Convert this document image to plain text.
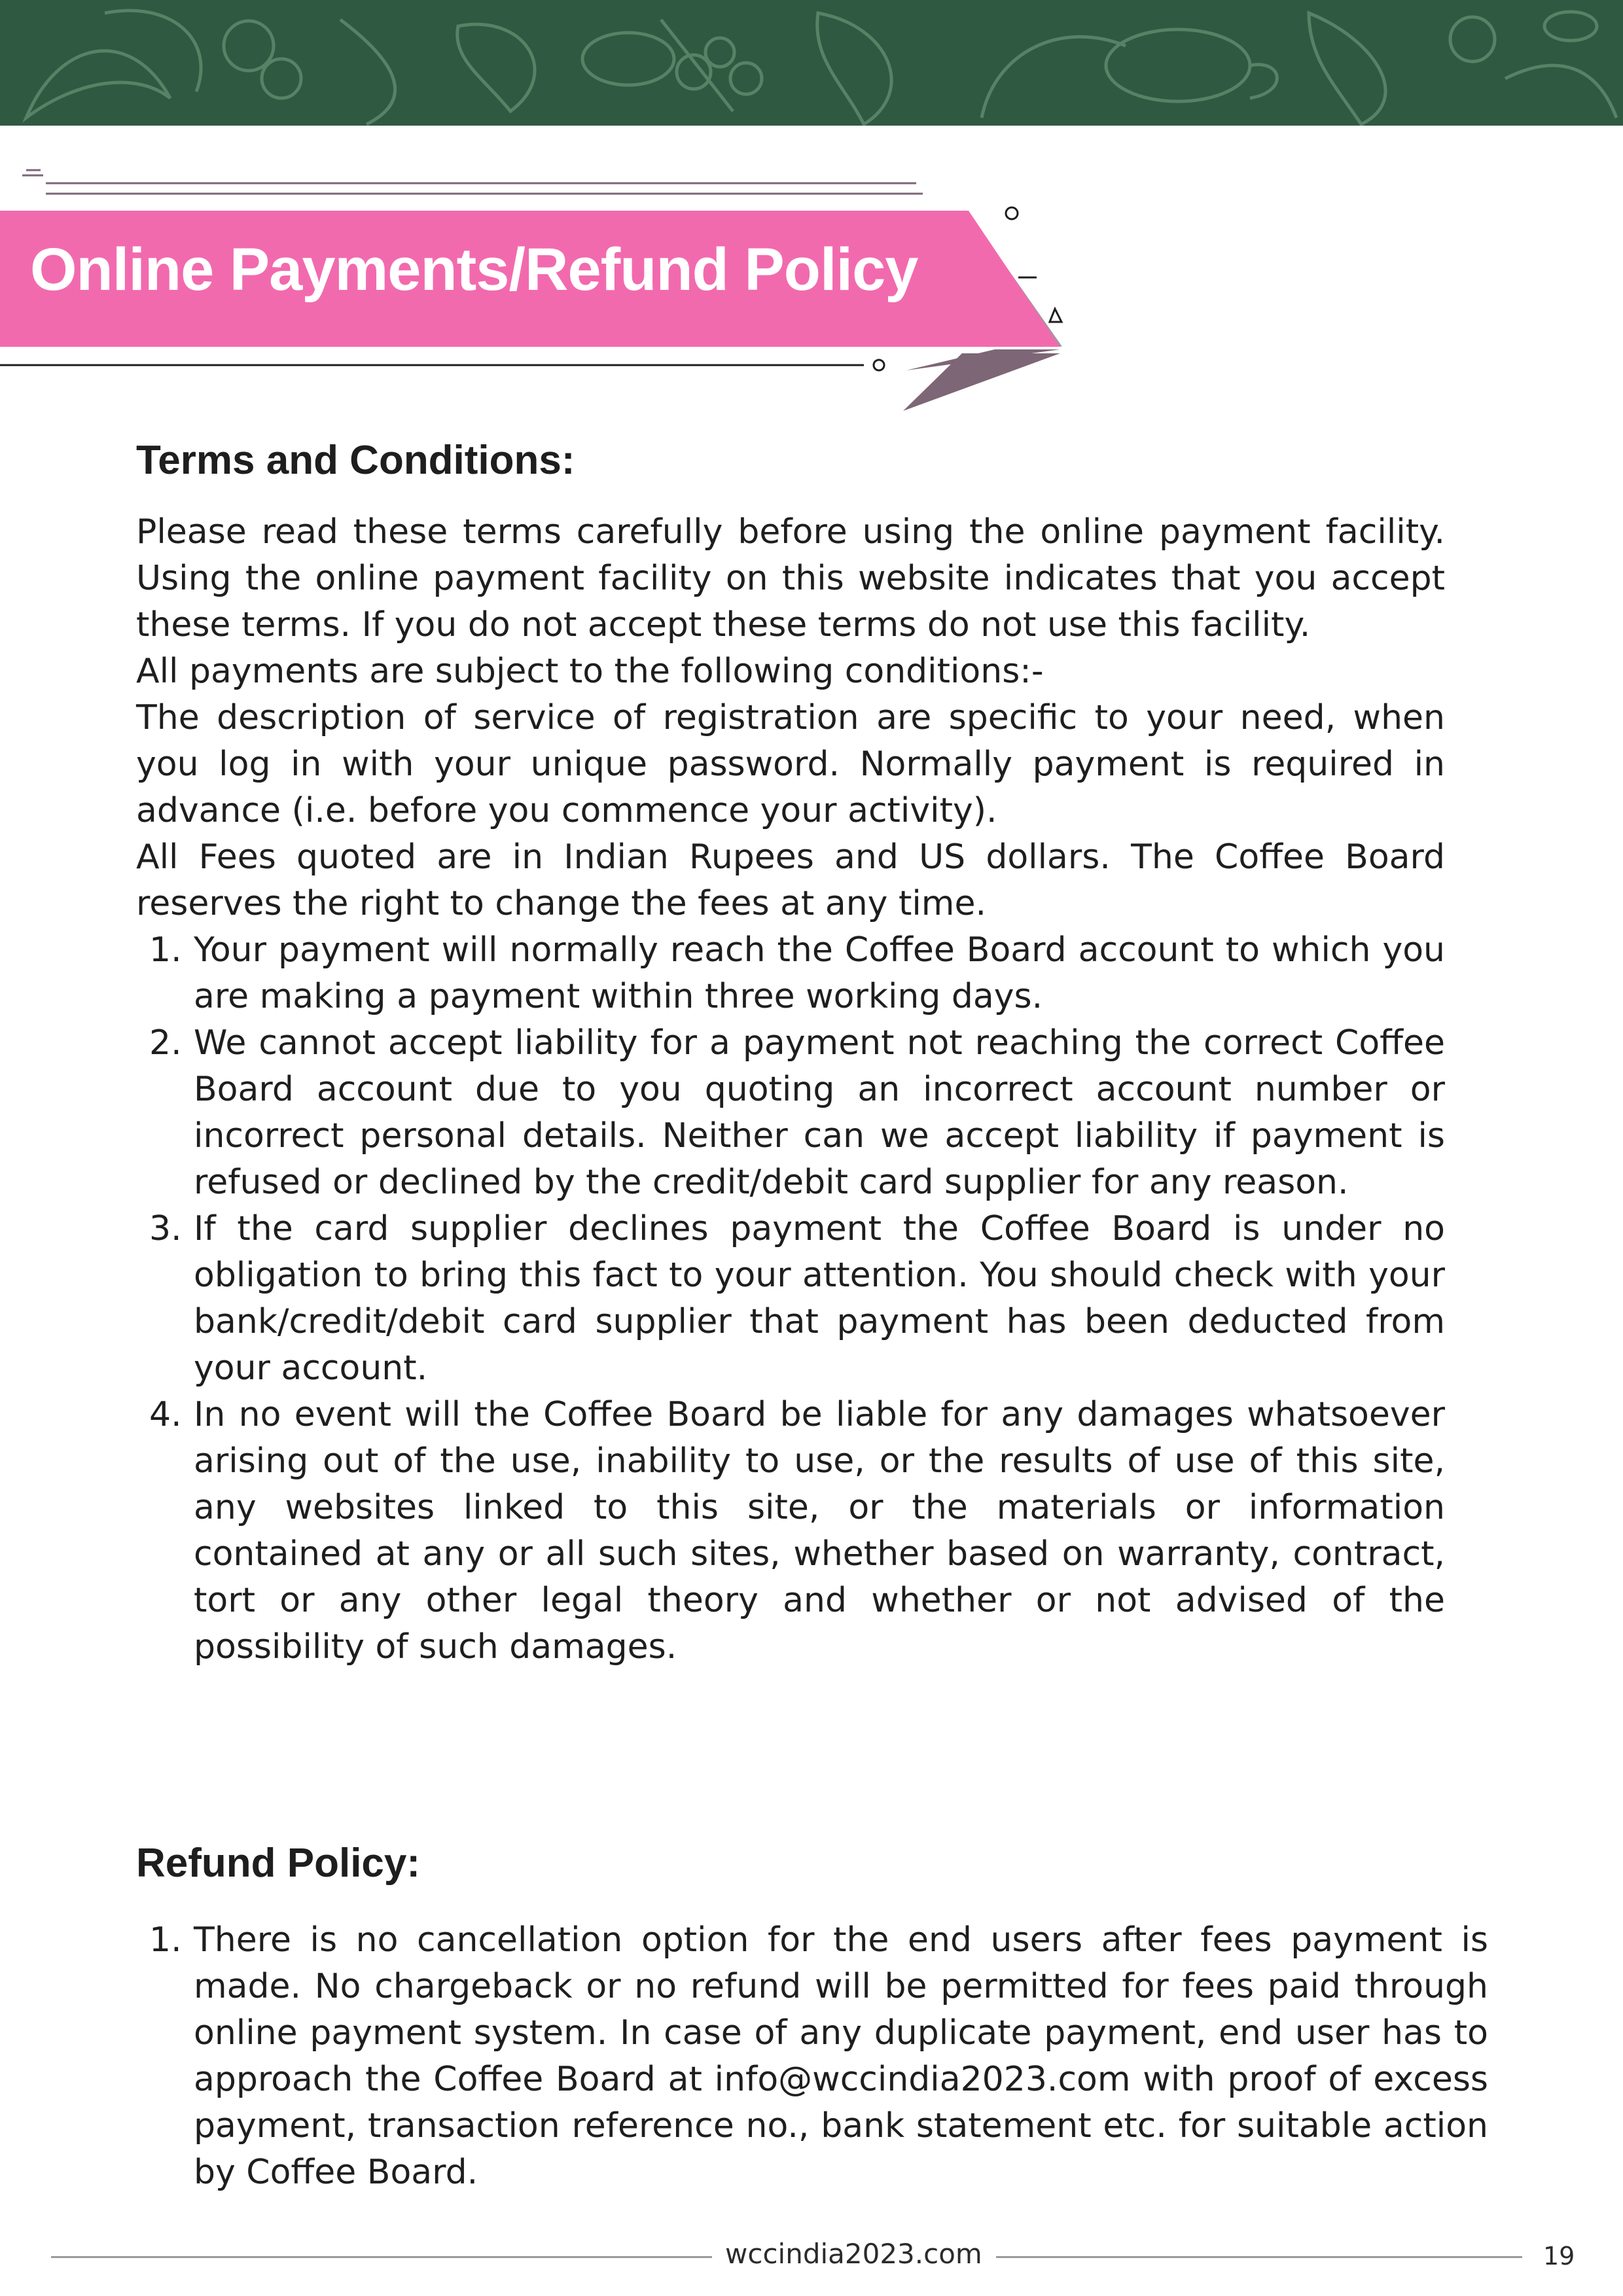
Online Payments/Refund Policy
Terms and Conditions:

Please read these terms carefully before using the online payment facility. Using the online payment facility on this website indicates that you accept these terms. If you do not accept these terms do not use this facility.

All payments are subject to the following conditions:-

The description of service of registration are specific to your need, when you log in with your unique password. Normally payment is required in advance (i.e. before you commence your activity).

All Fees quoted are in Indian Rupees and US dollars. The Coffee Board reserves the right to change the fees at any time.

1. Your payment will normally reach the Coffee Board account to which you are making a payment within three working days.
2. We cannot accept liability for a payment not reaching the correct Coffee Board account due to you quoting an incorrect account number or incorrect personal details. Neither can we accept liability if payment is refused or declined by the credit/debit card supplier for any reason.
3. If the card supplier declines payment the Coffee Board is under no obligation to bring this fact to your attention. You should check with your bank/credit/debit card supplier that payment has been deducted from your account.
4. In no event will the Coffee Board be liable for any damages whatsoever arising out of the use, inability to use, or the results of use of this site, any websites linked to this site, or the materials or information contained at any or all such sites, whether based on warranty, contract, tort or any other legal theory and whether or not advised of the possibility of such damages.
Refund Policy:
1. There is no cancellation option for the end users after fees payment is made. No chargeback or no refund will be permitted for fees paid through online payment system. In case of any duplicate payment, end user has to approach the Coffee Board at info@wccindia2023.com with proof of excess payment, transaction reference no., bank statement etc. for suitable action by Coffee Board.
wccindia2023.com	19
